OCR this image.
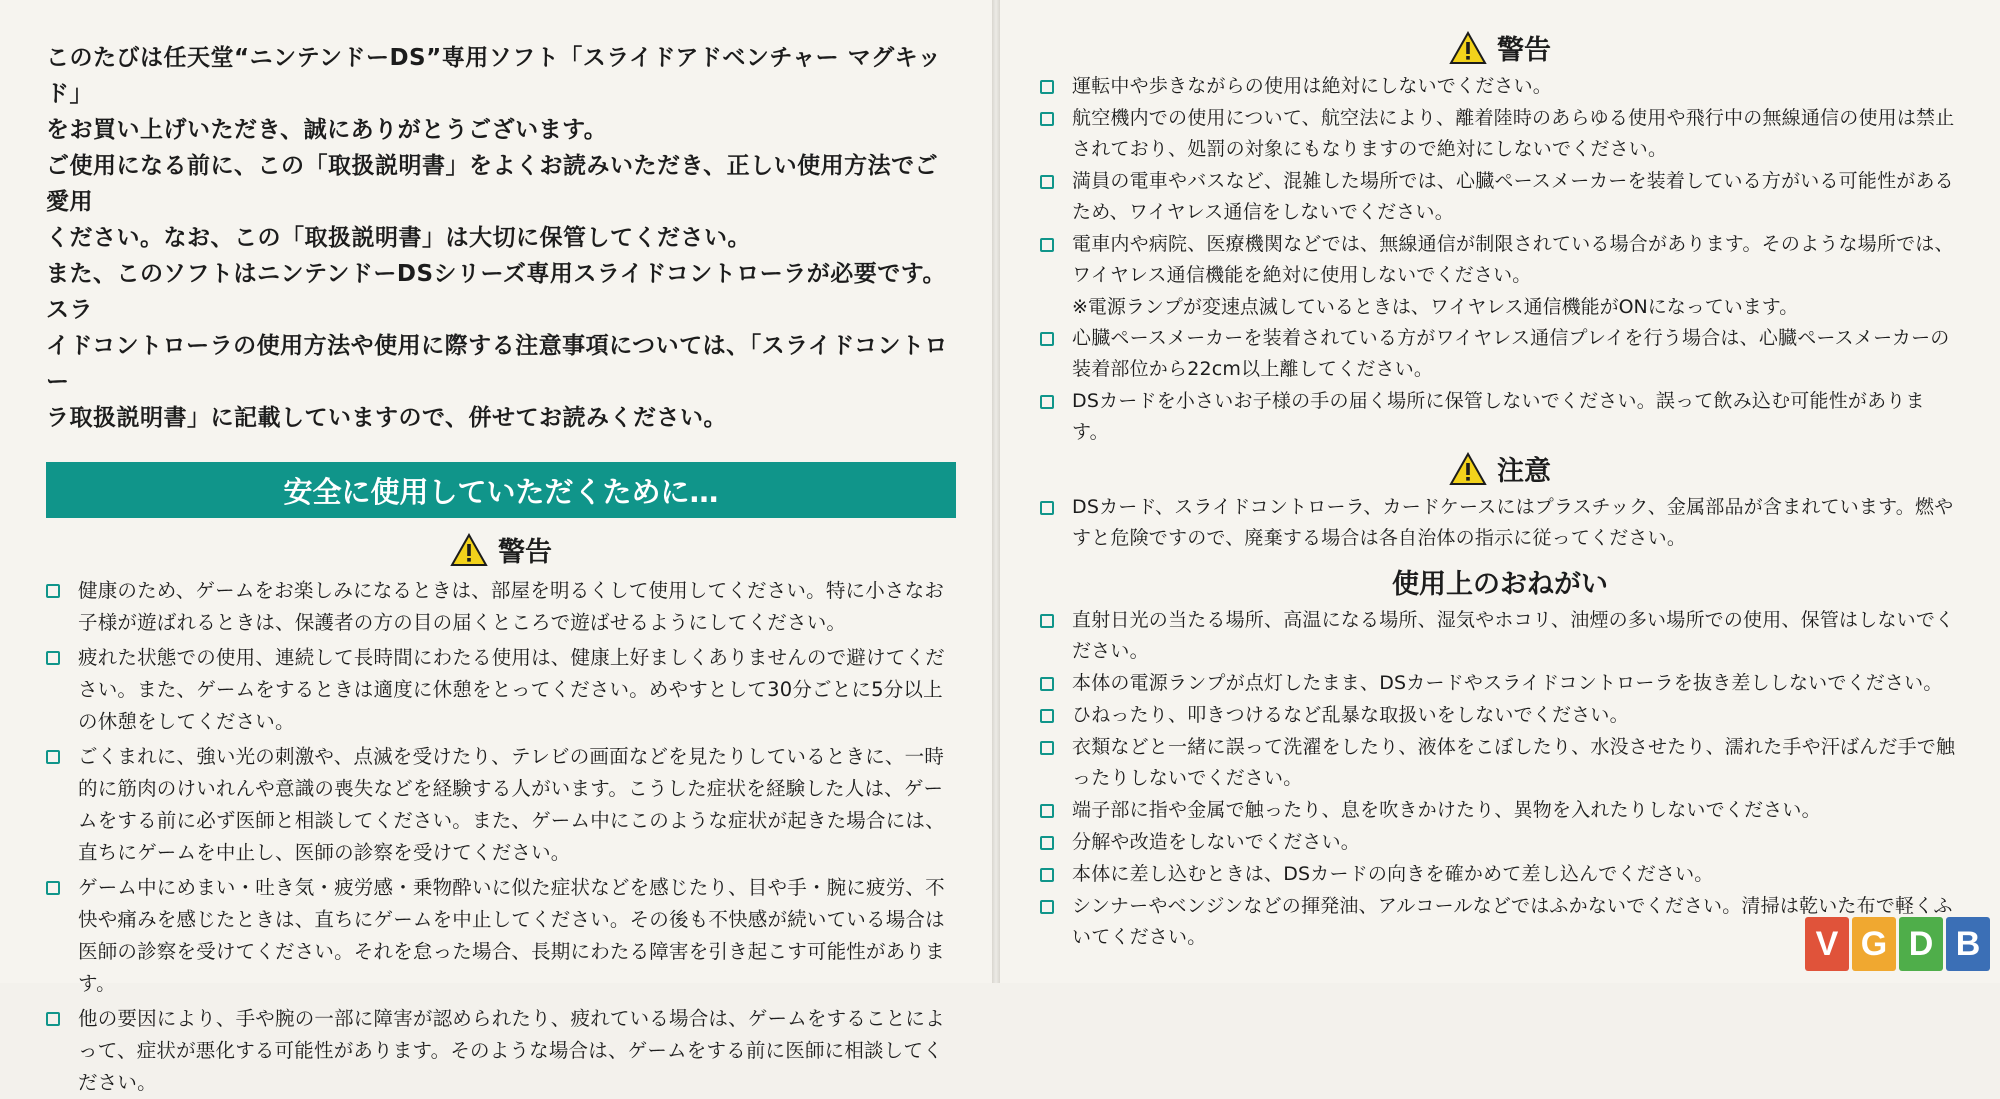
このたびは任天堂“ニンテンドーDS”専用ソフト「スライドアドベンチャー マグキッド」

をお買い上げいただき、誠にありがとうございます。

ご使用になる前に、この「取扱説明書」をよくお読みいただき、正しい使用方法でご愛用

ください。なお、この「取扱説明書」は大切に保管してください。

また、このソフトはニンテンドーDSシリーズ専用スライドコントローラが必要です。スラ

イドコントローラの使用方法や使用に際する注意事項については、「スライドコントロー

ラ取扱説明書」に記載していますので、併せてお読みください。

安全に使用していただくために…
警告
健康のため、ゲームをお楽しみになるときは、部屋を明るくして使用してください。特に小さなお子様が遊ばれるときは、保護者の方の目の届くところで遊ばせるようにしてください。
疲れた状態での使用、連続して長時間にわたる使用は、健康上好ましくありませんので避けてください。また、ゲームをするときは適度に休憩をとってください。めやすとして30分ごとに5分以上の休憩をしてください。
ごくまれに、強い光の刺激や、点滅を受けたり、テレビの画面などを見たりしているときに、一時的に筋肉のけいれんや意識の喪失などを経験する人がいます。こうした症状を経験した人は、ゲームをする前に必ず医師と相談してください。また、ゲーム中にこのような症状が起きた場合には、直ちにゲームを中止し、医師の診察を受けてください。
ゲーム中にめまい・吐き気・疲労感・乗物酔いに似た症状などを感じたり、目や手・腕に疲労、不快や痛みを感じたときは、直ちにゲームを中止してください。その後も不快感が続いている場合は医師の診察を受けてください。それを怠った場合、長期にわたる障害を引き起こす可能性があります。
他の要因により、手や腕の一部に障害が認められたり、疲れている場合は、ゲームをすることによって、症状が悪化する可能性があります。そのような場合は、ゲームをする前に医師に相談してください。
警告
運転中や歩きながらの使用は絶対にしないでください。
航空機内での使用について、航空法により、離着陸時のあらゆる使用や飛行中の無線通信の使用は禁止されており、処罰の対象にもなりますので絶対にしないでください。
満員の電車やバスなど、混雑した場所では、心臓ペースメーカーを装着している方がいる可能性があるため、ワイヤレス通信をしないでください。
電車内や病院、医療機関などでは、無線通信が制限されている場合があります。そのような場所では、ワイヤレス通信機能を絶対に使用しないでください。
※電源ランプが変速点滅しているときは、ワイヤレス通信機能がONになっています。
心臓ペースメーカーを装着されている方がワイヤレス通信プレイを行う場合は、心臓ペースメーカーの装着部位から22cm以上離してください。
DSカードを小さいお子様の手の届く場所に保管しないでください。誤って飲み込む可能性があります。
注意
DSカード、スライドコントローラ、カードケースにはプラスチック、金属部品が含まれています。燃やすと危険ですので、廃棄する場合は各自治体の指示に従ってください。
使用上のおねがい
直射日光の当たる場所、高温になる場所、湿気やホコリ、油煙の多い場所での使用、保管はしないでください。
本体の電源ランプが点灯したまま、DSカードやスライドコントローラを抜き差ししないでください。
ひねったり、叩きつけるなど乱暴な取扱いをしないでください。
衣類などと一緒に誤って洗濯をしたり、液体をこぼしたり、水没させたり、濡れた手や汗ばんだ手で触ったりしないでください。
端子部に指や金属で触ったり、息を吹きかけたり、異物を入れたりしないでください。
分解や改造をしないでください。
本体に差し込むときは、DSカードの向きを確かめて差し込んでください。
シンナーやベンジンなどの揮発油、アルコールなどではふかないでください。清掃は乾いた布で軽くふいてください。	V G D B
